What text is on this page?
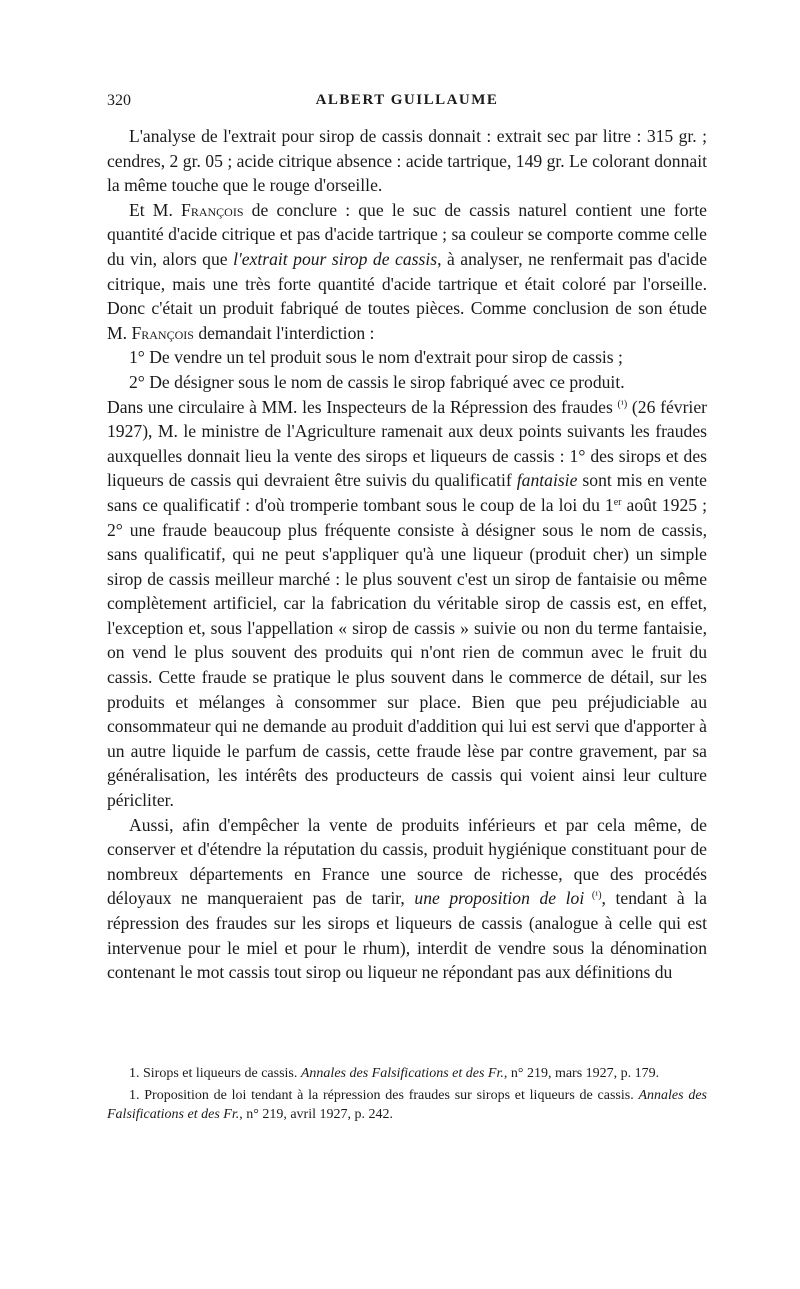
320	ALBERT GUILLAUME

L'analyse de l'extrait pour sirop de cassis donnait : extrait sec par litre : 315 gr. ; cendres, 2 gr. 05 ; acide citrique absence : acide tartrique, 149 gr. Le colorant donnait la même touche que le rouge d'orseille.

Et M. François de conclure : que le suc de cassis naturel contient une forte quantité d'acide citrique et pas d'acide tartrique ; sa couleur se comporte comme celle du vin, alors que l'extrait pour sirop de cassis, à analyser, ne renfermait pas d'acide citrique, mais une très forte quantité d'acide tartrique et était coloré par l'orseille. Donc c'était un produit fabriqué de toutes pièces. Comme conclusion de son étude M. François demandait l'interdiction :

1° De vendre un tel produit sous le nom d'extrait pour sirop de cassis ;

2° De désigner sous le nom de cassis le sirop fabriqué avec ce produit.

Dans une circulaire à MM. les Inspecteurs de la Répression des fraudes $^{(^1)}$ (26 février 1927), M. le ministre de l'Agriculture ramenait aux deux points suivants les fraudes auxquelles donnait lieu la vente des sirops et liqueurs de cassis : 1° des sirops et des liqueurs de cassis qui devraient être suivis du qualificatif fantaisie sont mis en vente sans ce qualificatif : d'où tromperie tombant sous le coup de la loi du 1er août 1925 ; 2° une fraude beaucoup plus fréquente consiste à désigner sous le nom de cassis, sans qualificatif, qui ne peut s'appliquer qu'à une liqueur (produit cher) un simple sirop de cassis meilleur marché : le plus souvent c'est un sirop de fantaisie ou même complètement artificiel, car la fabrication du véritable sirop de cassis est, en effet, l'exception et, sous l'appellation « sirop de cassis » suivie ou non du terme fantaisie, on vend le plus souvent des produits qui n'ont rien de commun avec le fruit du cassis. Cette fraude se pratique le plus souvent dans le commerce de détail, sur les produits et mélanges à consommer sur place. Bien que peu préjudiciable au consommateur qui ne demande au produit d'addition qui lui est servi que d'apporter à un autre liquide le parfum de cassis, cette fraude lèse par contre gravement, par sa généralisation, les intérêts des producteurs de cassis qui voient ainsi leur culture péricliter.

Aussi, afin d'empêcher la vente de produits inférieurs et par cela même, de conserver et d'étendre la réputation du cassis, produit hygiénique constituant pour de nombreux départements en France une source de richesse, que des procédés déloyaux ne manqueraient pas de tarir, une proposition de loi $^{(^1)}$, tendant à la répression des fraudes sur les sirops et liqueurs de cassis (analogue à celle qui est intervenue pour le miel et pour le rhum), interdit de vendre sous la dénomination contenant le mot cassis tout sirop ou liqueur ne répondant pas aux définitions du

1. Sirops et liqueurs de cassis. Annales des Falsifications et des Fr., n° 219, mars 1927, p. 179.

1. Proposition de loi tendant à la répression des fraudes sur sirops et liqueurs de cassis. Annales des Falsifications et des Fr., n° 219, avril 1927, p. 242.
